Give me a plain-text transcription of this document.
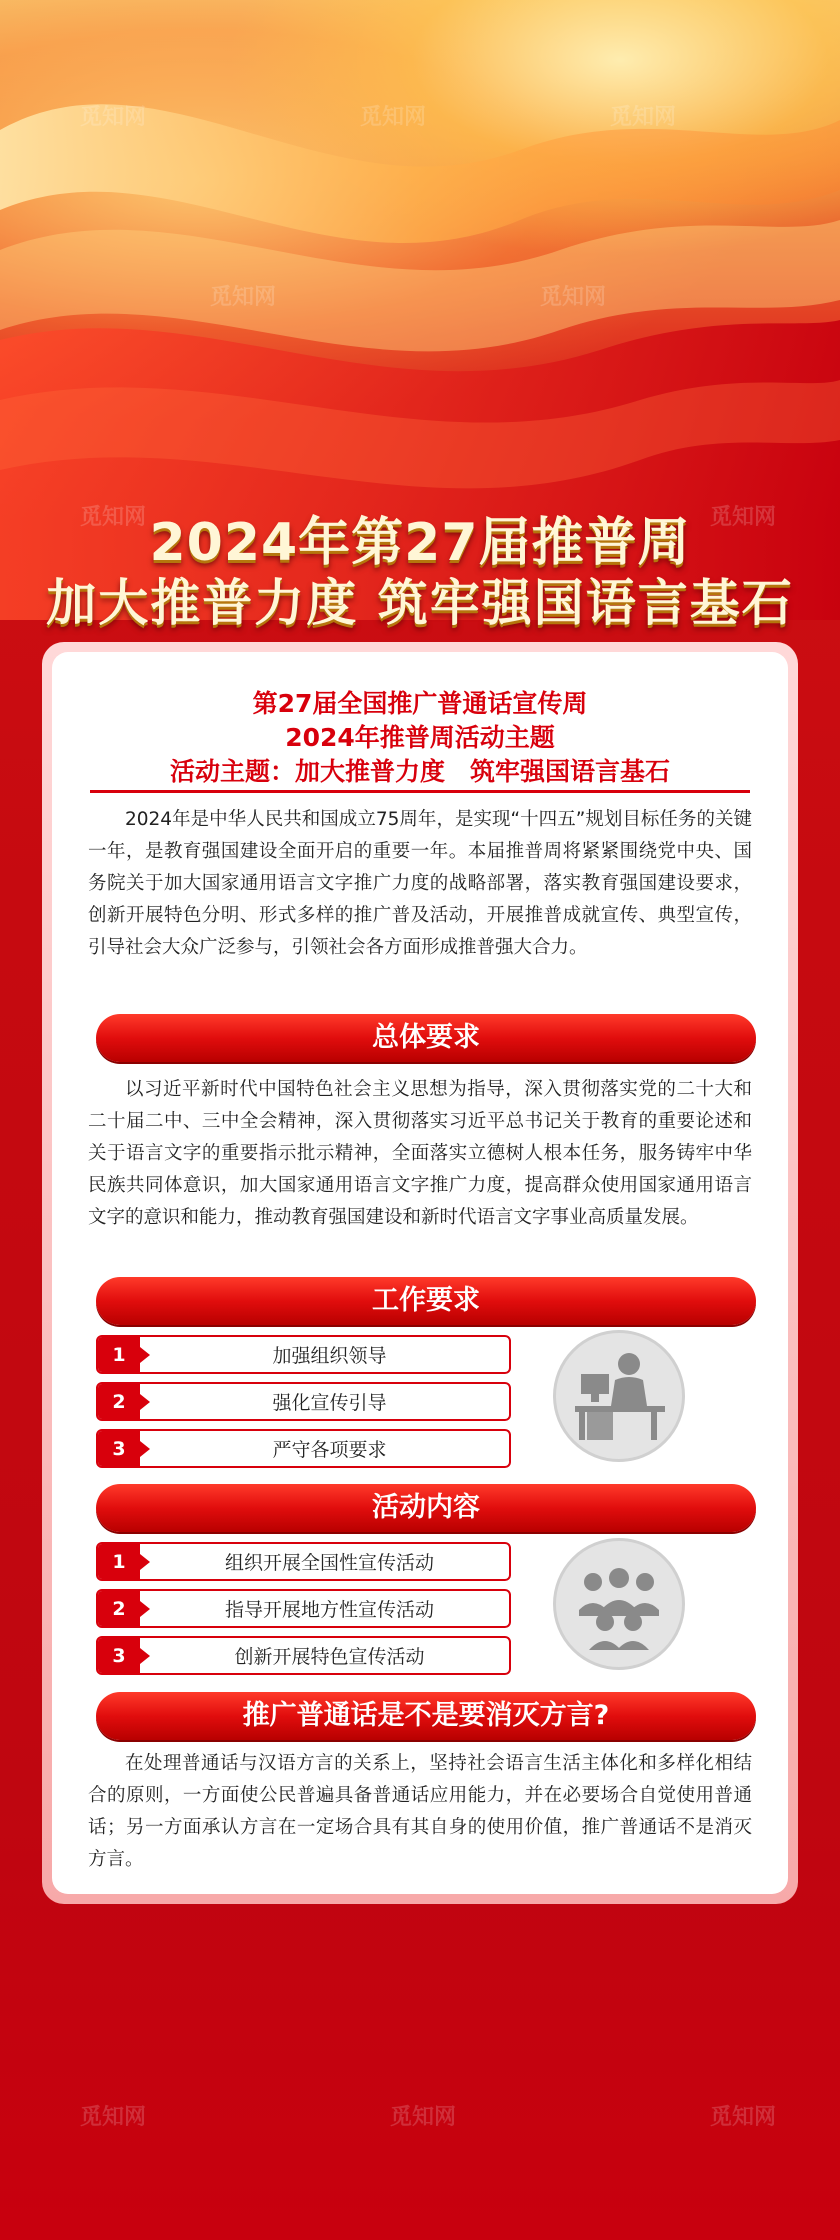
觅知网	觅知网	觅知网
觅知网	觅知网
觅知网	觅知网
觅知网	觅知网	觅知网
2024年第27届推普周
加大推普力度 筑牢强国语言基石
第27届全国推广普通话宣传周
2024年推普周活动主题
活动主题：加大推普力度　筑牢强国语言基石
2024年是中华人民共和国成立75周年，是实现“十四五”规划目标任务的关键一年，是教育强国建设全面开启的重要一年。本届推普周将紧紧围绕党中央、国务院关于加大国家通用语言文字推广力度的战略部署，落实教育强国建设要求，创新开展特色分明、形式多样的推广普及活动，开展推普成就宣传、典型宣传，引导社会大众广泛参与，引领社会各方面形成推普强大合力。
总体要求
以习近平新时代中国特色社会主义思想为指导，深入贯彻落实党的二十大和二十届二中、三中全会精神，深入贯彻落实习近平总书记关于教育的重要论述和关于语言文字的重要指示批示精神，全面落实立德树人根本任务，服务铸牢中华民族共同体意识，加大国家通用语言文字推广力度，提高群众使用国家通用语言文字的意识和能力，推动教育强国建设和新时代语言文字事业高质量发展。
工作要求
1	加强组织领导
2	强化宣传引导
3	严守各项要求
活动内容
1	组织开展全国性宣传活动
2	指导开展地方性宣传活动
3	创新开展特色宣传活动
推广普通话是不是要消灭方言?
在处理普通话与汉语方言的关系上，坚持社会语言生活主体化和多样化相结合的原则，一方面使公民普遍具备普通话应用能力，并在必要场合自觉使用普通话；另一方面承认方言在一定场合具有其自身的使用价值，推广普通话不是消灭方言。
